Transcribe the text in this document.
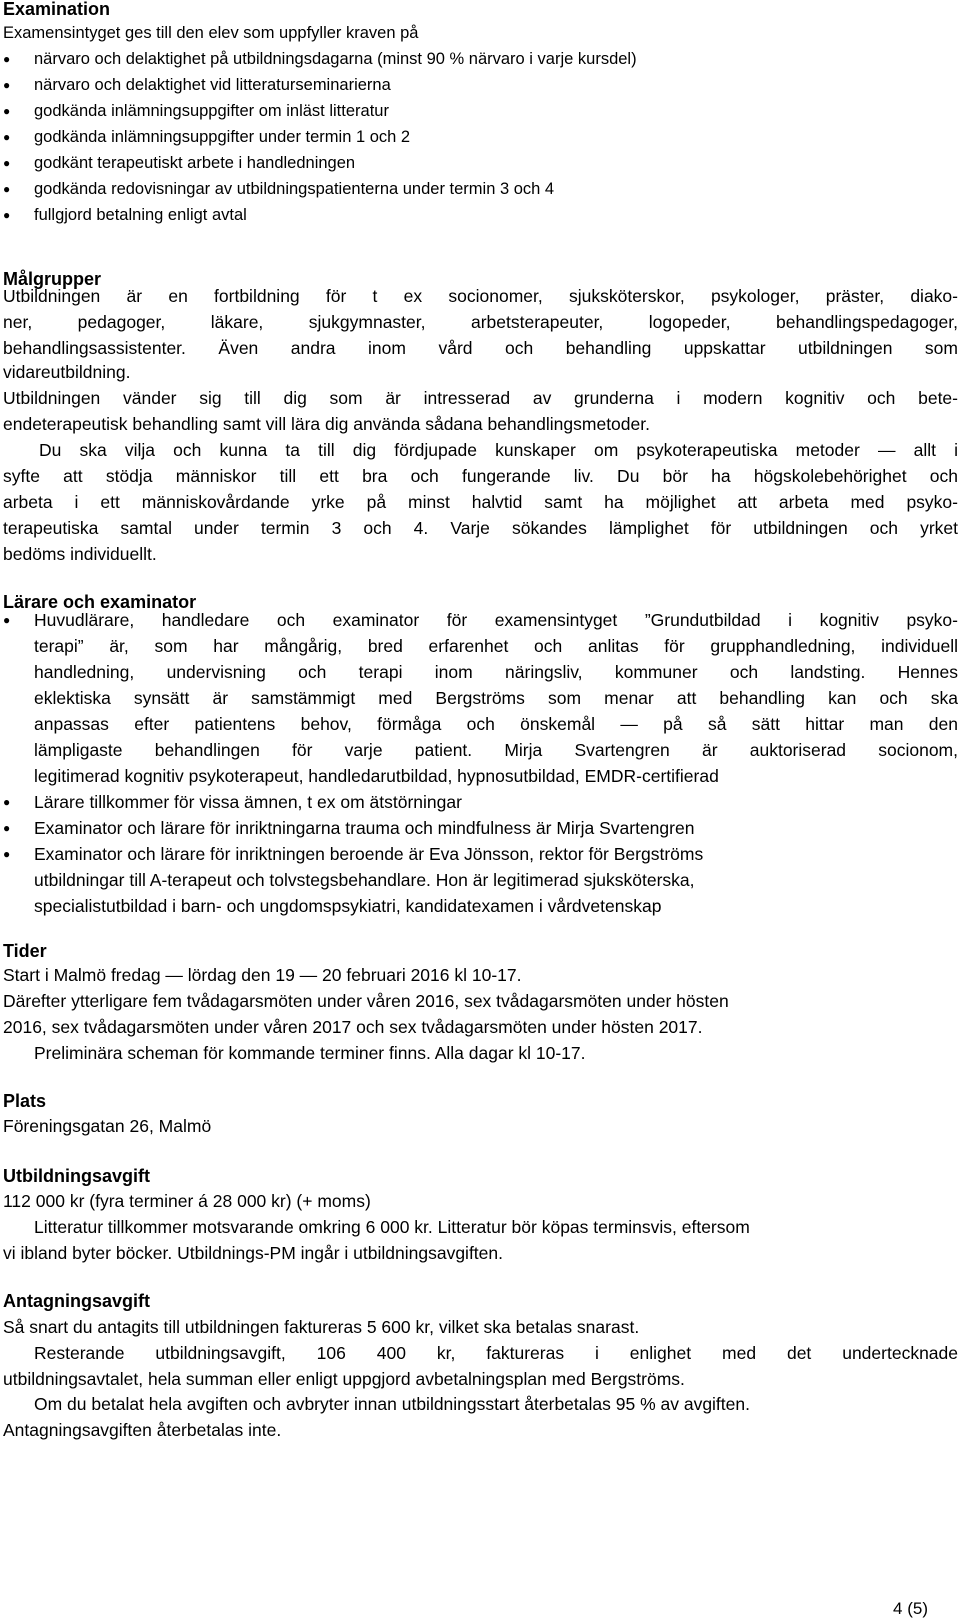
Examination
Examensintyget ges till den elev som uppfyller kraven på
● närvaro och delaktighet på utbildningsdagarna (minst 90 % närvaro i varje kursdel)
● närvaro och delaktighet vid litteraturseminarierna
● godkända inlämningsuppgifter om inläst litteratur
● godkända inlämningsuppgifter under termin 1 och 2
● godkänt terapeutiskt arbete i handledningen
● godkända redovisningar av utbildningspatienterna under termin 3 och 4
● fullgjord betalning enligt avtal
Målgrupper
Utbildningen är en fortbildning för t ex socionomer, sjuksköterskor, psykologer, präster, diako-
ner, pedagoger, läkare, sjukgymnaster, arbetsterapeuter, logopeder, behandlingspedagoger,
behandlingsassistenter. Även andra inom vård och behandling uppskattar utbildningen som
vidareutbildning.
Utbildningen vänder sig till dig som är intresserad av grunderna i modern kognitiv och bete-
endeterapeutisk behandling samt vill lära dig använda sådana behandlingsmetoder.
Du ska vilja och kunna ta till dig fördjupade kunskaper om psykoterapeutiska metoder — allt i
syfte att stödja människor till ett bra och fungerande liv. Du bör ha högskolebehörighet och
arbeta i ett människovårdande yrke på minst halvtid samt ha möjlighet att arbeta med psyko-
terapeutiska samtal under termin 3 och 4. Varje sökandes lämplighet för utbildningen och yrket
bedöms individuellt.
Lärare och examinator
● Huvudlärare, handledare och examinator för examensintyget ”Grundutbildad i kognitiv psyko-
terapi” är, som har mångårig, bred erfarenhet och anlitas för grupphandledning, individuell
handledning, undervisning och terapi inom näringsliv, kommuner och landsting. Hennes
eklektiska synsätt är samstämmigt med Bergströms som menar att behandling kan och ska
anpassas efter patientens behov, förmåga och önskemål — på så sätt hittar man den
lämpligaste behandlingen för varje patient. Mirja Svartengren är auktoriserad socionom,
legitimerad kognitiv psykoterapeut, handledarutbildad, hypnosutbildad, EMDR-certifierad
● Lärare tillkommer för vissa ämnen, t ex om ätstörningar
● Examinator och lärare för inriktningarna trauma och mindfulness är Mirja Svartengren
● Examinator och lärare för inriktningen beroende är Eva Jönsson, rektor för Bergströms
utbildningar till A-terapeut och tolvstegsbehandlare. Hon är legitimerad sjuksköterska,
specialistutbildad i barn- och ungdomspsykiatri, kandidatexamen i vårdvetenskap
Tider
Start i Malmö fredag — lördag den 19 — 20 februari 2016 kl 10-17.
Därefter ytterligare fem tvådagarsmöten under våren 2016, sex tvådagarsmöten under hösten
2016, sex tvådagarsmöten under våren 2017 och sex tvådagarsmöten under hösten 2017.
Preliminära scheman för kommande terminer finns. Alla dagar kl 10-17.
Plats
Föreningsgatan 26, Malmö
Utbildningsavgift
112 000 kr (fyra terminer á 28 000 kr) (+ moms)
Litteratur tillkommer motsvarande omkring 6 000 kr. Litteratur bör köpas terminsvis, eftersom
vi ibland byter böcker. Utbildnings-PM ingår i utbildningsavgiften.
Antagningsavgift
Så snart du antagits till utbildningen faktureras 5 600 kr, vilket ska betalas snarast.
Resterande utbildningsavgift, 106 400 kr, faktureras i enlighet med det undertecknade
utbildningsavtalet, hela summan eller enligt uppgjord avbetalningsplan med Bergströms.
Om du betalat hela avgiften och avbryter innan utbildningsstart återbetalas 95 % av avgiften.
Antagningsavgiften återbetalas inte.
4 (5)
